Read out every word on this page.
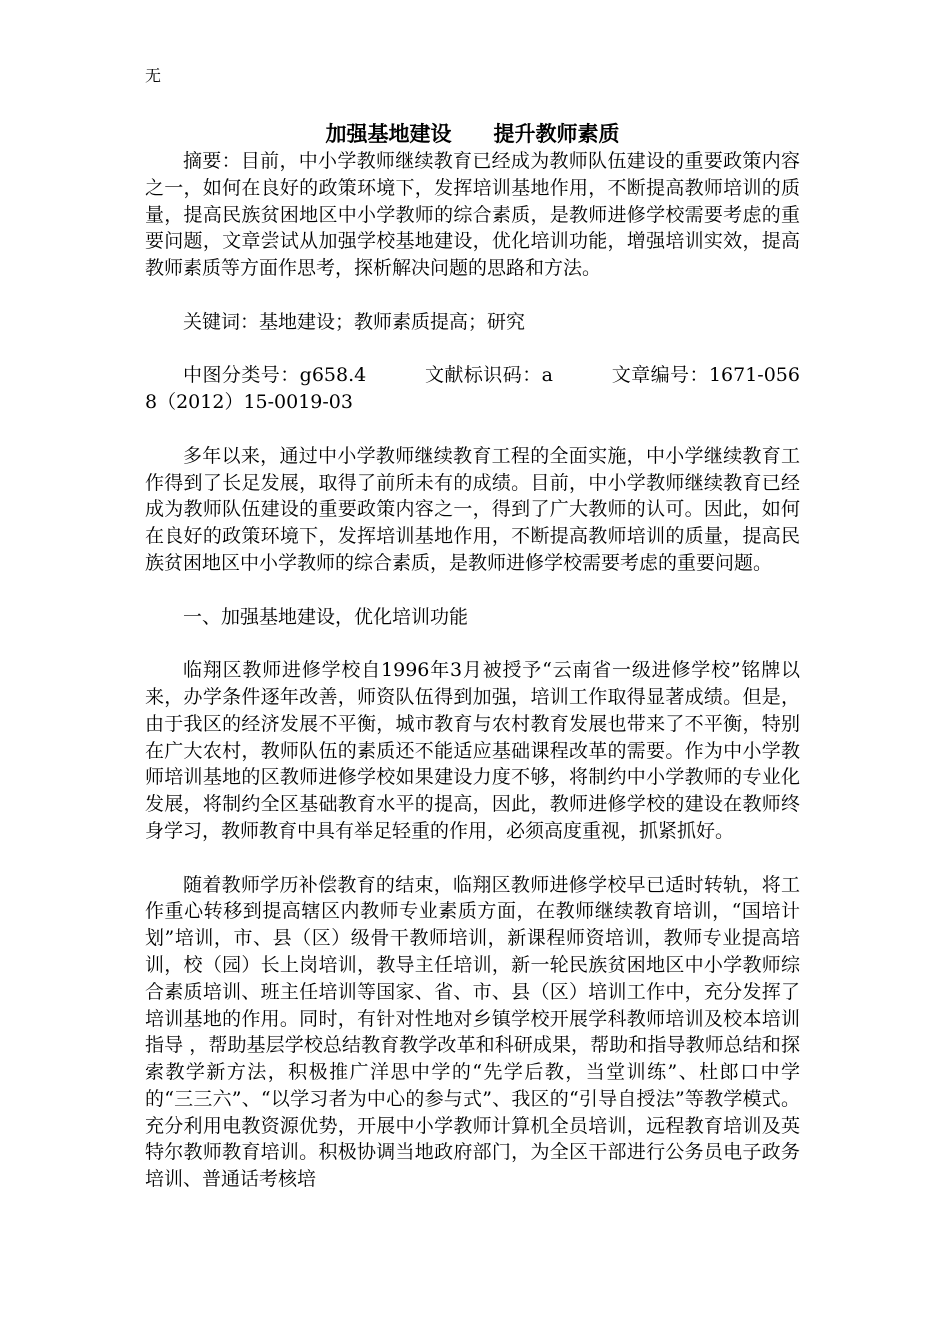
无

加强基地建设　　提升教师素质

摘要：目前，中小学教师继续教育已经成为教师队伍建设的重要政策内容之一，如何在良好的政策环境下，发挥培训基地作用，不断提高教师培训的质量，提高民族贫困地区中小学教师的综合素质，是教师进修学校需要考虑的重要问题，文章尝试从加强学校基地建设，优化培训功能，增强培训实效，提高教师素质等方面作思考，探析解决问题的思路和方法。

关键词：基地建设；教师素质提高；研究

中图分类号：g658.4　　　文献标识码：a　　　文章编号：1671-0568（2012）15-0019-03

多年以来，通过中小学教师继续教育工程的全面实施，中小学继续教育工作得到了长足发展，取得了前所未有的成绩。目前，中小学教师继续教育已经成为教师队伍建设的重要政策内容之一，得到了广大教师的认可。因此，如何在良好的政策环境下，发挥培训基地作用，不断提高教师培训的质量，提高民族贫困地区中小学教师的综合素质，是教师进修学校需要考虑的重要问题。

一、加强基地建设，优化培训功能

临翔区教师进修学校自1996年3月被授予“云南省一级进修学校”铭牌以来，办学条件逐年改善，师资队伍得到加强，培训工作取得显著成绩。但是，由于我区的经济发展不平衡，城市教育与农村教育发展也带来了不平衡，特别在广大农村，教师队伍的素质还不能适应基础课程改革的需要。作为中小学教师培训基地的区教师进修学校如果建设力度不够，将制约中小学教师的专业化发展，将制约全区基础教育水平的提高，因此，教师进修学校的建设在教师终身学习，教师教育中具有举足轻重的作用，必须高度重视，抓紧抓好。

随着教师学历补偿教育的结束，临翔区教师进修学校早已适时转轨，将工作重心转移到提高辖区内教师专业素质方面，在教师继续教育培训，“国培计划”培训，市、县（区）级骨干教师培训，新课程师资培训，教师专业提高培训，校（园）长上岗培训，教导主任培训，新一轮民族贫困地区中小学教师综合素质培训、班主任培训等国家、省、市、县（区）培训工作中，充分发挥了培训基地的作用。同时，有针对性地对乡镇学校开展学科教师培训及校本培训指导 ，帮助基层学校总结教育教学改革和科研成果，帮助和指导教师总结和探索教学新方法，积极推广洋思中学的“先学后教，当堂训练”、杜郎口中学的“三三六”、“以学习者为中心的参与式”、我区的“引导自授法”等教学模式。充分利用电教资源优势，开展中小学教师计算机全员培训，远程教育培训及英特尔教师教育培训。积极协调当地政府部门，为全区干部进行公务员电子政务培训、普通话考核培
